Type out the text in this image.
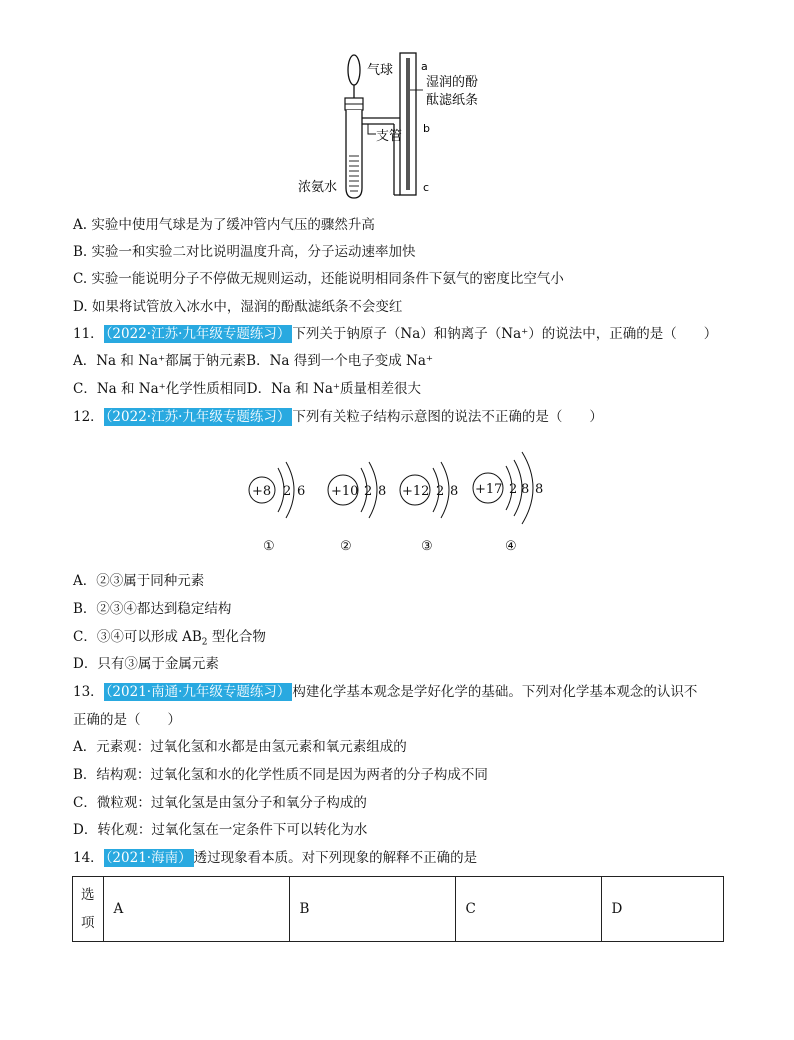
气球
支管
浓氨水
a
b
c
湿润的酚
酞滤纸条
A. 实验中使用气球是为了缓冲管内气压的骤然升高
B. 实验一和实验二对比说明温度升高，分子运动速率加快
C. 实验一能说明分子不停做无规则运动，还能说明相同条件下氨气的密度比空气小
D. 如果将试管放入冰水中，湿润的酚酞滤纸条不会变红
11． （2022·江苏·九年级专题练习） 下列关于钠原子（Na）和钠离子（Na⁺）的说法中，正确的是（　　）
A．Na 和 Na⁺都属于钠元素B．Na 得到一个电子变成 Na⁺
C．Na 和 Na⁺化学性质相同D．Na 和 Na⁺质量相差很大
12． （2022·江苏·九年级专题练习） 下列有关粒子结构示意图的说法不正确的是（　　）
+8 2 6
①
+10 2 8
②
+12 2 8
③
+17 2 8 8
④
A．②③属于同种元素
B．②③④都达到稳定结构
C．③④可以形成 $AB_2$ 型化合物
D．只有③属于金属元素
13． （2021·南通·九年级专题练习） 构建化学基本观念是学好化学的基础。下列对化学基本观念的认识不
正确的是（　　）
A．元素观：过氧化氢和水都是由氢元素和氧元素组成的
B．结构观：过氧化氢和水的化学性质不同是因为两者的分子构成不同
C．微粒观：过氧化氢是由氢分子和氧分子构成的
D．转化观：过氧化氢在一定条件下可以转化为水
14． （2021·海南） 透过现象看本质。对下列现象的解释不正确的是
选
项
	A	B	C	D
